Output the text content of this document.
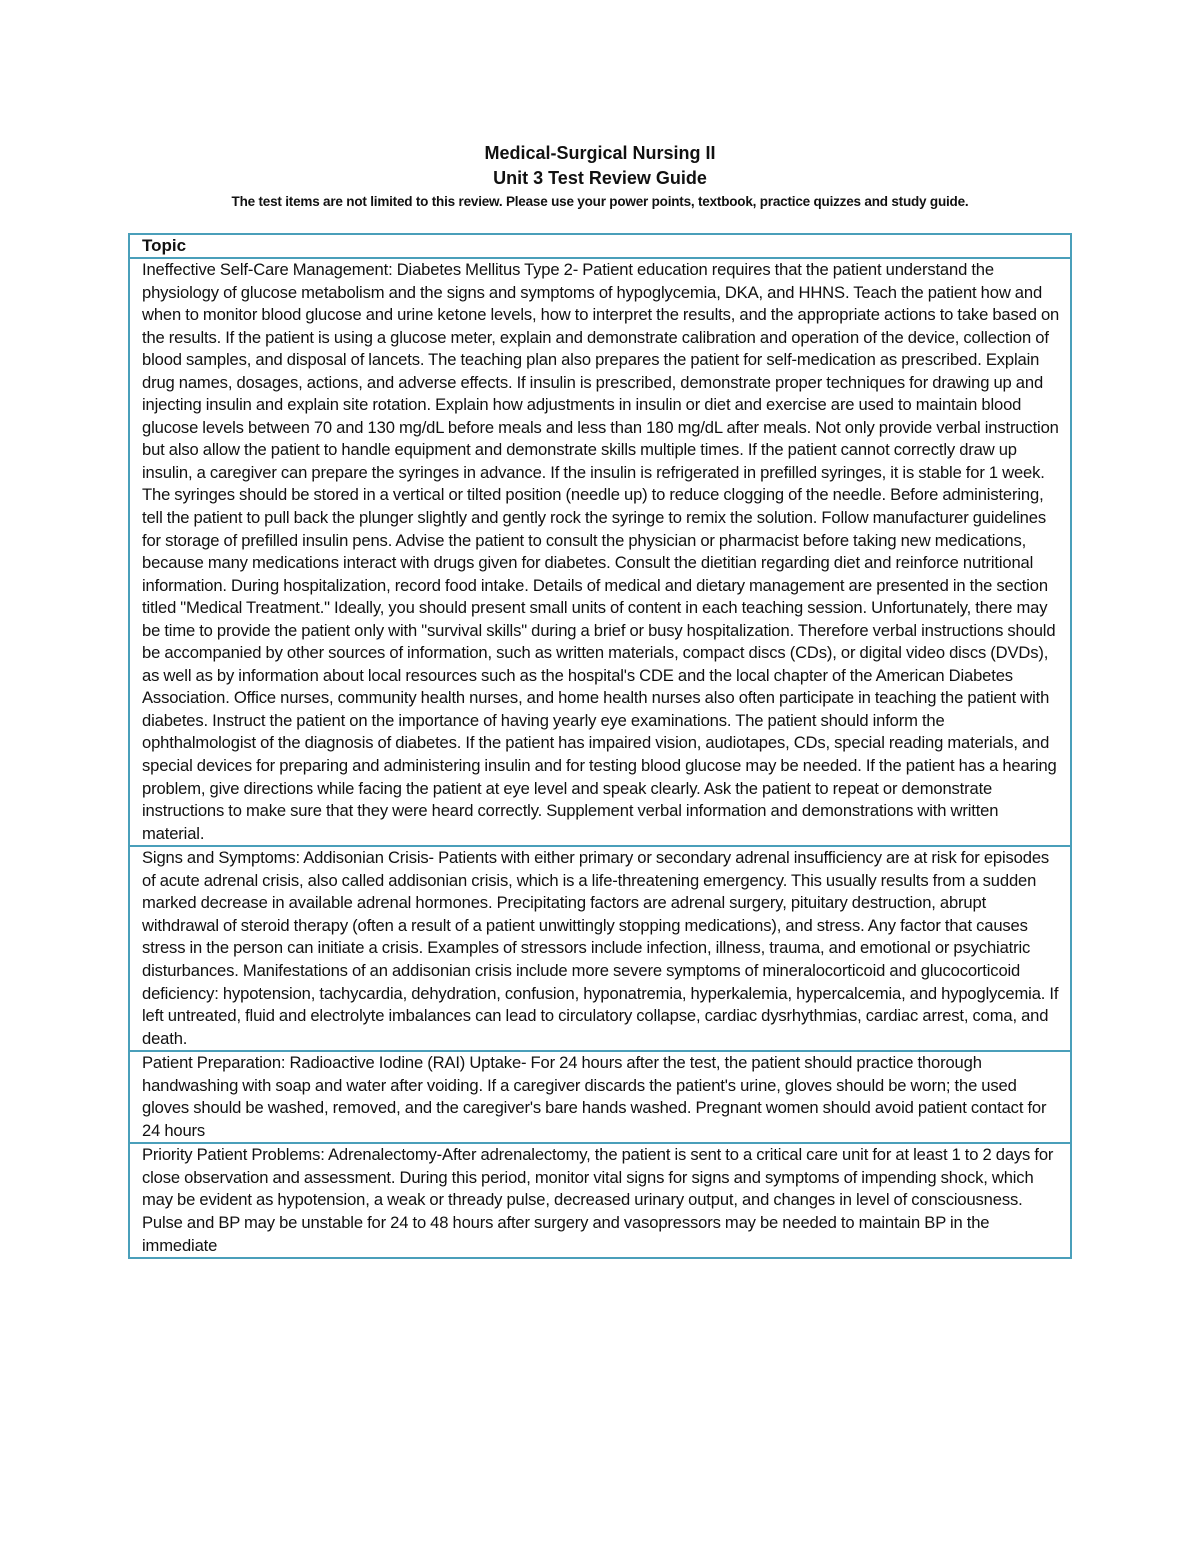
Medical-Surgical Nursing II

Unit 3 Test Review Guide

The test items are not limited to this review. Please use your power points, textbook, practice quizzes and study guide.

Topic
Ineffective Self-Care Management: Diabetes Mellitus Type 2- Patient education requires that the patient understand the physiology of glucose metabolism and the signs and symptoms of hypoglycemia, DKA, and HHNS. Teach the patient how and when to monitor blood glucose and urine ketone levels, how to interpret the results, and the appropriate actions to take based on the results. If the patient is using a glucose meter, explain and demonstrate calibration and operation of the device, collection of blood samples, and disposal of lancets. The teaching plan also prepares the patient for self-medication as prescribed. Explain drug names, dosages, actions, and adverse effects. If insulin is prescribed, demonstrate proper techniques for drawing up and injecting insulin and explain site rotation. Explain how adjustments in insulin or diet and exercise are used to maintain blood glucose levels between 70 and 130 mg/dL before meals and less than 180 mg/dL after meals. Not only provide verbal instruction but also allow the patient to handle equipment and demonstrate skills multiple times. If the patient cannot correctly draw up insulin, a caregiver can prepare the syringes in advance. If the insulin is refrigerated in prefilled syringes, it is stable for 1 week. The syringes should be stored in a vertical or tilted position (needle up) to reduce clogging of the needle. Before administering, tell the patient to pull back the plunger slightly and gently rock the syringe to remix the solution. Follow manufacturer guidelines for storage of prefilled insulin pens. Advise the patient to consult the physician or pharmacist before taking new medications, because many medications interact with drugs given for diabetes. Consult the dietitian regarding diet and reinforce nutritional information. During hospitalization, record food intake. Details of medical and dietary management are presented in the section titled "Medical Treatment." Ideally, you should present small units of content in each teaching session. Unfortunately, there may be time to provide the patient only with "survival skills" during a brief or busy hospitalization. Therefore verbal instructions should be accompanied by other sources of information, such as written materials, compact discs (CDs), or digital video discs (DVDs), as well as by information about local resources such as the hospital's CDE and the local chapter of the American Diabetes Association. Office nurses, community health nurses, and home health nurses also often participate in teaching the patient with diabetes. Instruct the patient on the importance of having yearly eye examinations. The patient should inform the ophthalmologist of the diagnosis of diabetes. If the patient has impaired vision, audiotapes, CDs, special reading materials, and special devices for preparing and administering insulin and for testing blood glucose may be needed. If the patient has a hearing problem, give directions while facing the patient at eye level and speak clearly. Ask the patient to repeat or demonstrate instructions to make sure that they were heard correctly. Supplement verbal information and demonstrations with written material.
Signs and Symptoms: Addisonian Crisis- Patients with either primary or secondary adrenal insufficiency are at risk for episodes of acute adrenal crisis, also called addisonian crisis, which is a life-threatening emergency. This usually results from a sudden marked decrease in available adrenal hormones. Precipitating factors are adrenal surgery, pituitary destruction, abrupt withdrawal of steroid therapy (often a result of a patient unwittingly stopping medications), and stress. Any factor that causes stress in the person can initiate a crisis. Examples of stressors include infection, illness, trauma, and emotional or psychiatric disturbances. Manifestations of an addisonian crisis include more severe symptoms of mineralocorticoid and glucocorticoid deficiency: hypotension, tachycardia, dehydration, confusion, hyponatremia, hyperkalemia, hypercalcemia, and hypoglycemia. If left untreated, fluid and electrolyte imbalances can lead to circulatory collapse, cardiac dysrhythmias, cardiac arrest, coma, and death.
Patient Preparation: Radioactive Iodine (RAI) Uptake- For 24 hours after the test, the patient should practice thorough handwashing with soap and water after voiding. If a caregiver discards the patient's urine, gloves should be worn; the used gloves should be washed, removed, and the caregiver's bare hands washed. Pregnant women should avoid patient contact for 24 hours
Priority Patient Problems: Adrenalectomy-After adrenalectomy, the patient is sent to a critical care unit for at least 1 to 2 days for close observation and assessment. During this period, monitor vital signs for signs and symptoms of impending shock, which may be evident as hypotension, a weak or thready pulse, decreased urinary output, and changes in level of consciousness. Pulse and BP may be unstable for 24 to 48 hours after surgery and vasopressors may be needed to maintain BP in the immediate
